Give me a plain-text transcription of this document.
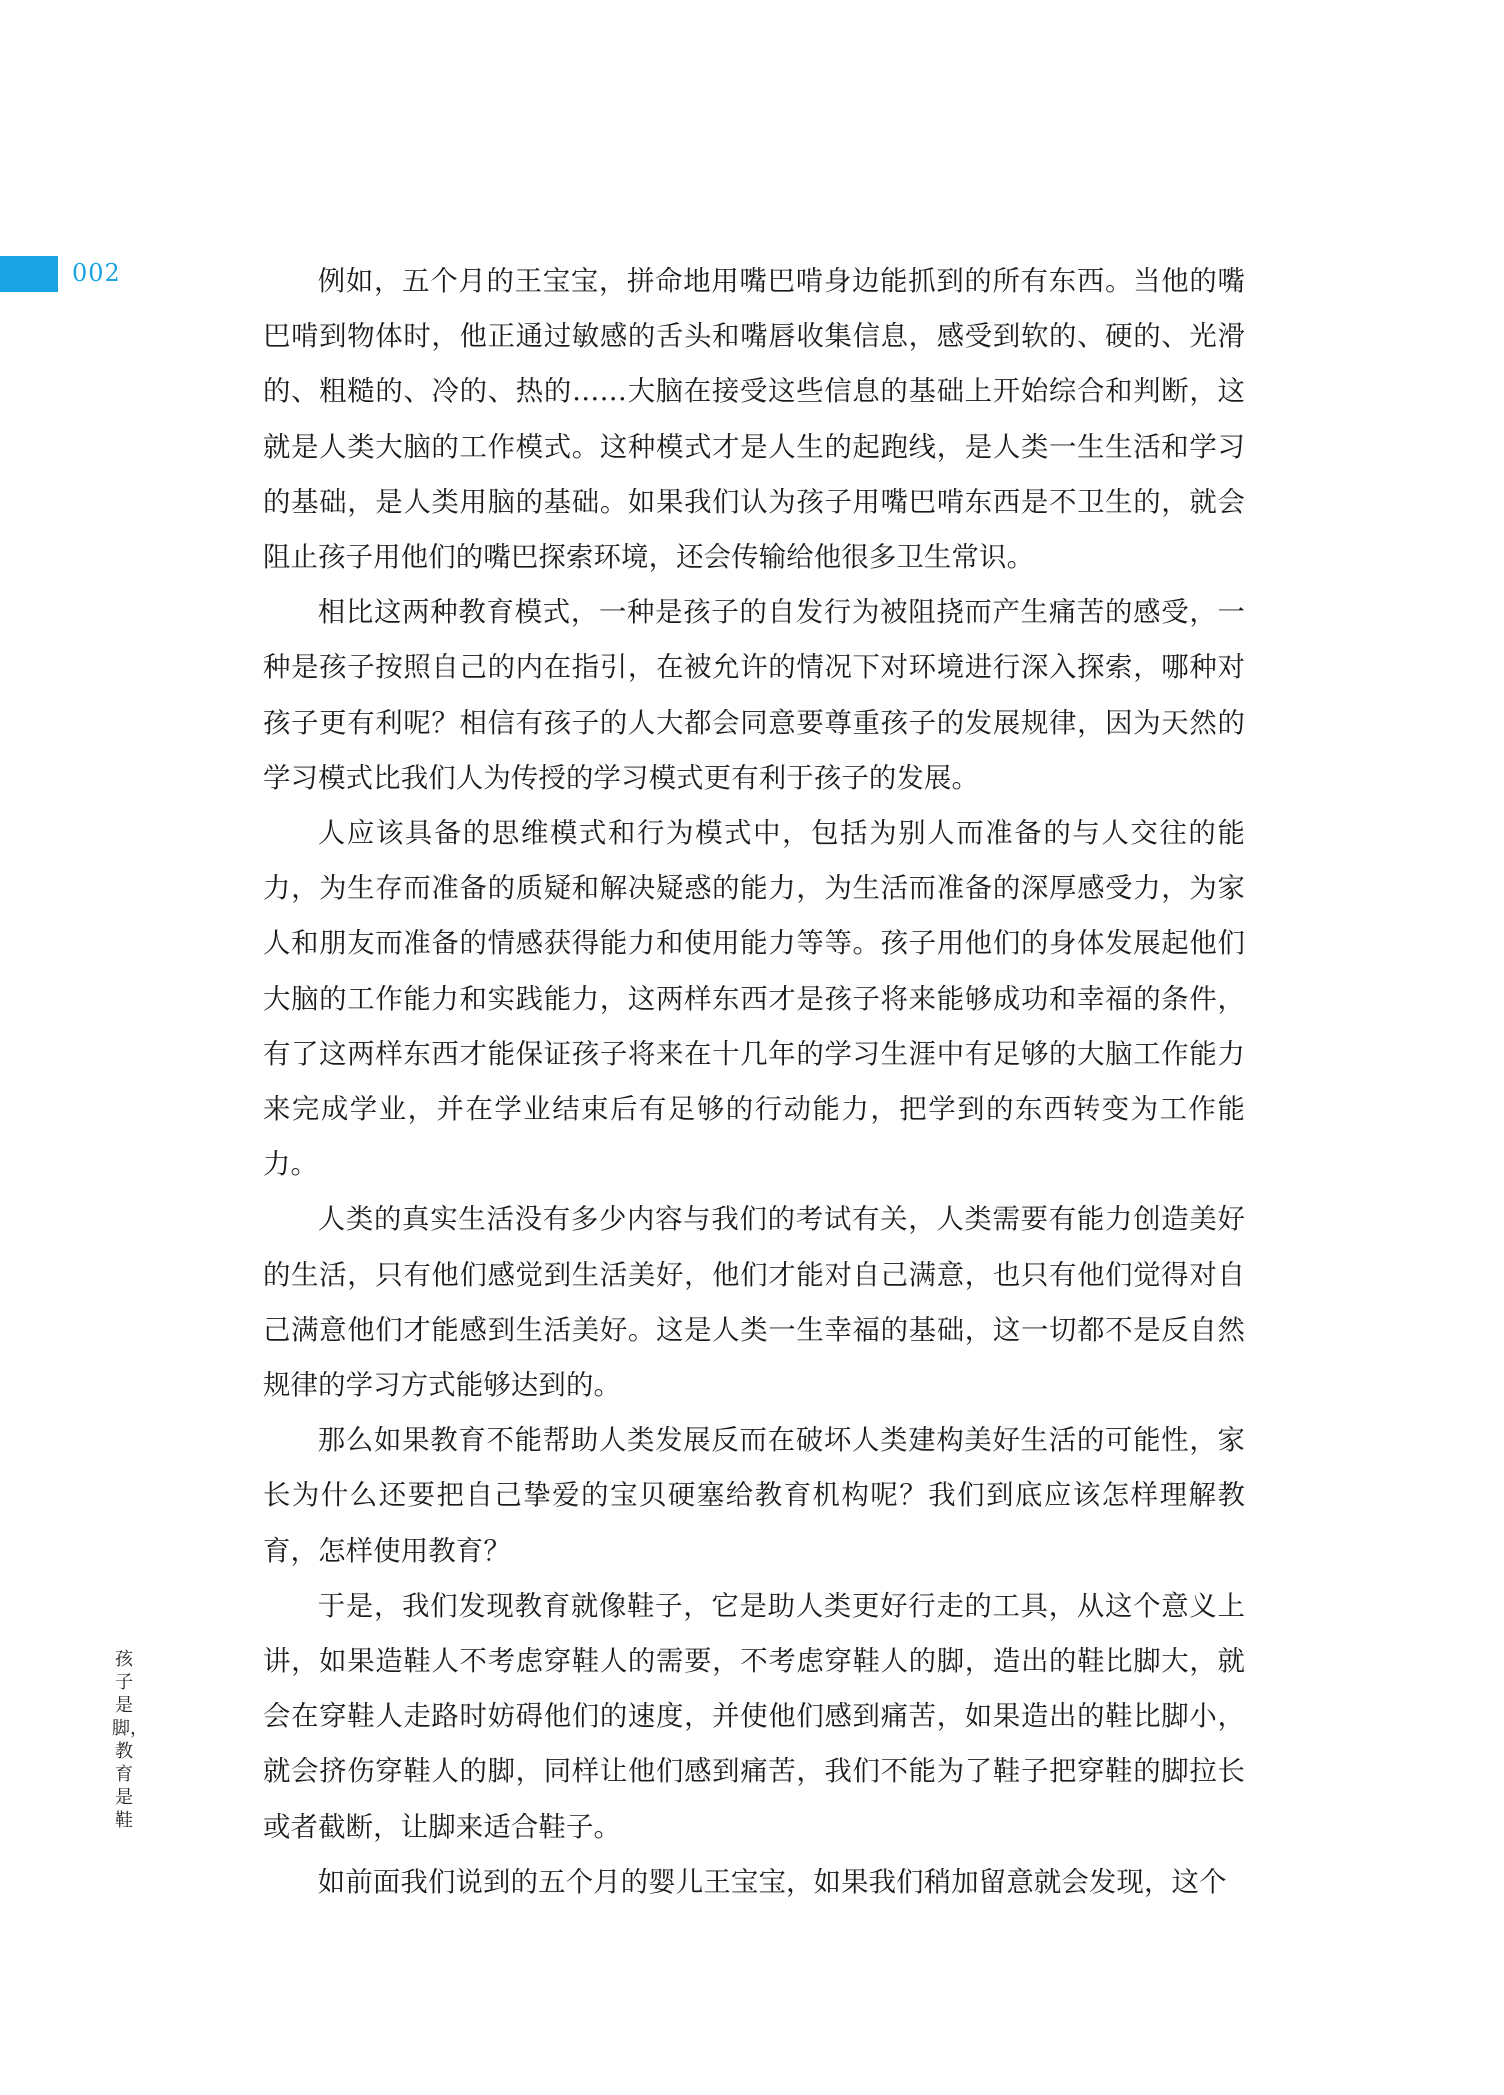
002	例如，五个月的王宝宝，拼命地用嘴巴啃身边能抓到的所有东西。当他的嘴巴啃到物体时，他正通过敏感的舌头和嘴唇收集信息，感受到软的、硬的、光滑的、粗糙的、冷的、热的……大脑在接受这些信息的基础上开始综合和判断，这就是人类大脑的工作模式。这种模式才是人生的起跑线，是人类一生生活和学习的基础，是人类用脑的基础。如果我们认为孩子用嘴巴啃东西是不卫生的，就会阻止孩子用他们的嘴巴探索环境，还会传输给他很多卫生常识。

相比这两种教育模式，一种是孩子的自发行为被阻挠而产生痛苦的感受，一种是孩子按照自己的内在指引，在被允许的情况下对环境进行深入探索，哪种对孩子更有利呢？相信有孩子的人大都会同意要尊重孩子的发展规律，因为天然的学习模式比我们人为传授的学习模式更有利于孩子的发展。

人应该具备的思维模式和行为模式中，包括为别人而准备的与人交往的能力，为生存而准备的质疑和解决疑惑的能力，为生活而准备的深厚感受力，为家人和朋友而准备的情感获得能力和使用能力等等。孩子用他们的身体发展起他们大脑的工作能力和实践能力，这两样东西才是孩子将来能够成功和幸福的条件，有了这两样东西才能保证孩子将来在十几年的学习生涯中有足够的大脑工作能力来完成学业，并在学业结束后有足够的行动能力，把学到的东西转变为工作能力。

人类的真实生活没有多少内容与我们的考试有关，人类需要有能力创造美好的生活，只有他们感觉到生活美好，他们才能对自己满意，也只有他们觉得对自己满意他们才能感到生活美好。这是人类一生幸福的基础，这一切都不是反自然规律的学习方式能够达到的。

那么如果教育不能帮助人类发展反而在破坏人类建构美好生活的可能性，家长为什么还要把自己挚爱的宝贝硬塞给教育机构呢？我们到底应该怎样理解教育，怎样使用教育？

于是，我们发现教育就像鞋子，它是助人类更好行走的工具，从这个意义上讲，如果造鞋人不考虑穿鞋人的需要，不考虑穿鞋人的脚，造出的鞋比脚大，就会在穿鞋人走路时妨碍他们的速度，并使他们感到痛苦，如果造出的鞋比脚小，就会挤伤穿鞋人的脚，同样让他们感到痛苦，我们不能为了鞋子把穿鞋的脚拉长或者截断，让脚来适合鞋子。

如前面我们说到的五个月的婴儿王宝宝，如果我们稍加留意就会发现，这个

孩子是脚，教育是鞋
